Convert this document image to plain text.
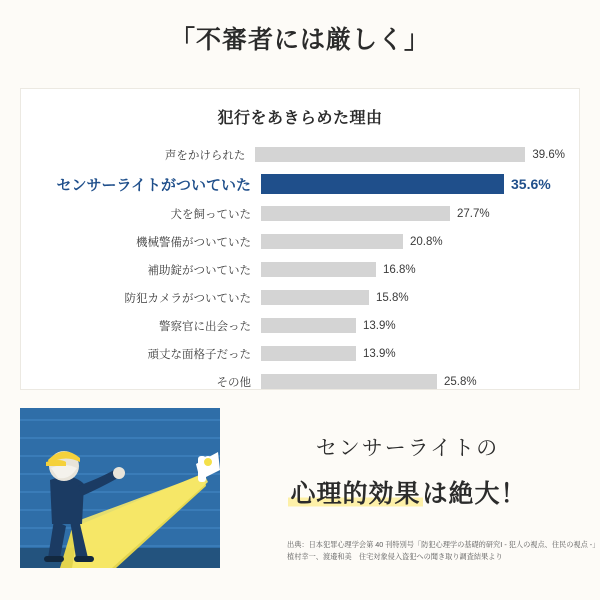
「不審者には厳しく」
犯行をあきらめた理由
声をかけられた	39.6%
センサーライトがついていた	35.6%
犬を飼っていた	27.7%
機械警備がついていた	20.8%
補助錠がついていた	16.8%
防犯カメラがついていた	15.8%
警察官に出会った	13.9%
頑丈な面格子だった	13.9%
その他	25.8%
センサーライトの
心理的効果は絶大！
出典：日本犯罪心理学会第 40 刊特別号「防犯心理学の基礎的研究Ⅰ - 犯人の視点、住民の視点 -」植村幸一、渡邉和美　住宅対象侵入盗犯への聞き取り調査結果より
